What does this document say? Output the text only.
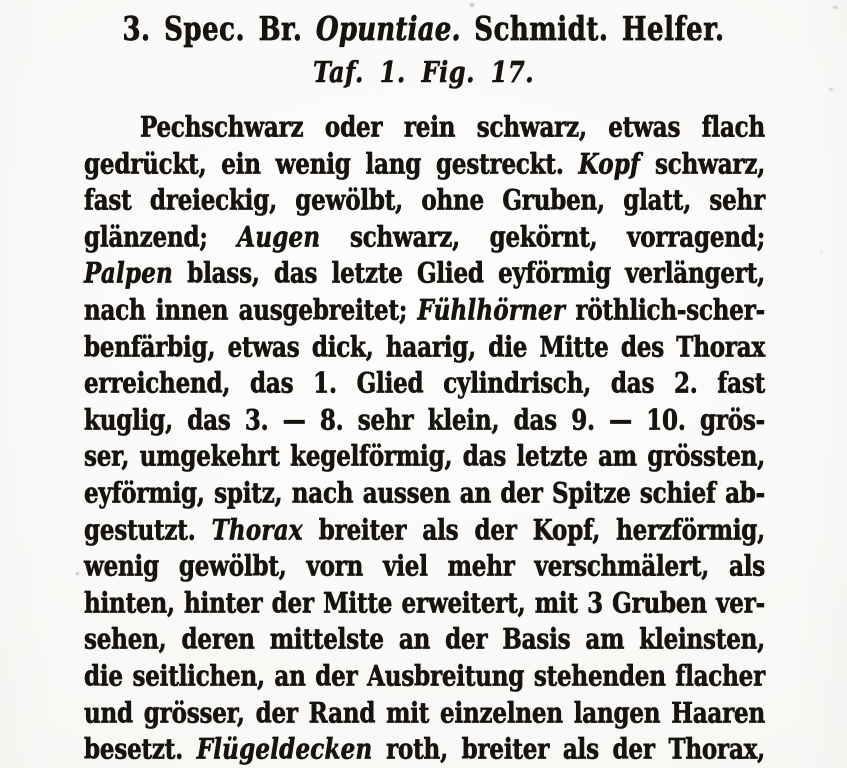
3. Spec. Br. Opuntiae. Schmidt. Helfer.
Taf. 1. Fig. 17.
Pechschwarz oder rein schwarz, etwas flach
gedrückt, ein wenig lang gestreckt. Kopf schwarz,
fast dreieckig, gewölbt, ohne Gruben, glatt, sehr
glänzend; Augen schwarz, gekörnt, vorragend;
Palpen blass, das letzte Glied eyförmig verlängert,
nach innen ausgebreitet; Fühlhörner röthlich-scher-
benfärbig, etwas dick, haarig, die Mitte des Thorax
erreichend, das 1. Glied cylindrisch, das 2. fast
kuglig, das 3. — 8. sehr klein, das 9. — 10. grös-
ser, umgekehrt kegelförmig, das letzte am grössten,
eyförmig, spitz, nach aussen an der Spitze schief ab-
gestutzt. Thorax breiter als der Kopf, herzförmig,
wenig gewölbt, vorn viel mehr verschmälert, als
hinten, hinter der Mitte erweitert, mit 3 Gruben ver-
sehen, deren mittelste an der Basis am kleinsten,
die seitlichen, an der Ausbreitung stehenden flacher
und grösser, der Rand mit einzelnen langen Haaren
besetzt. Flügeldecken roth, breiter als der Thorax,
